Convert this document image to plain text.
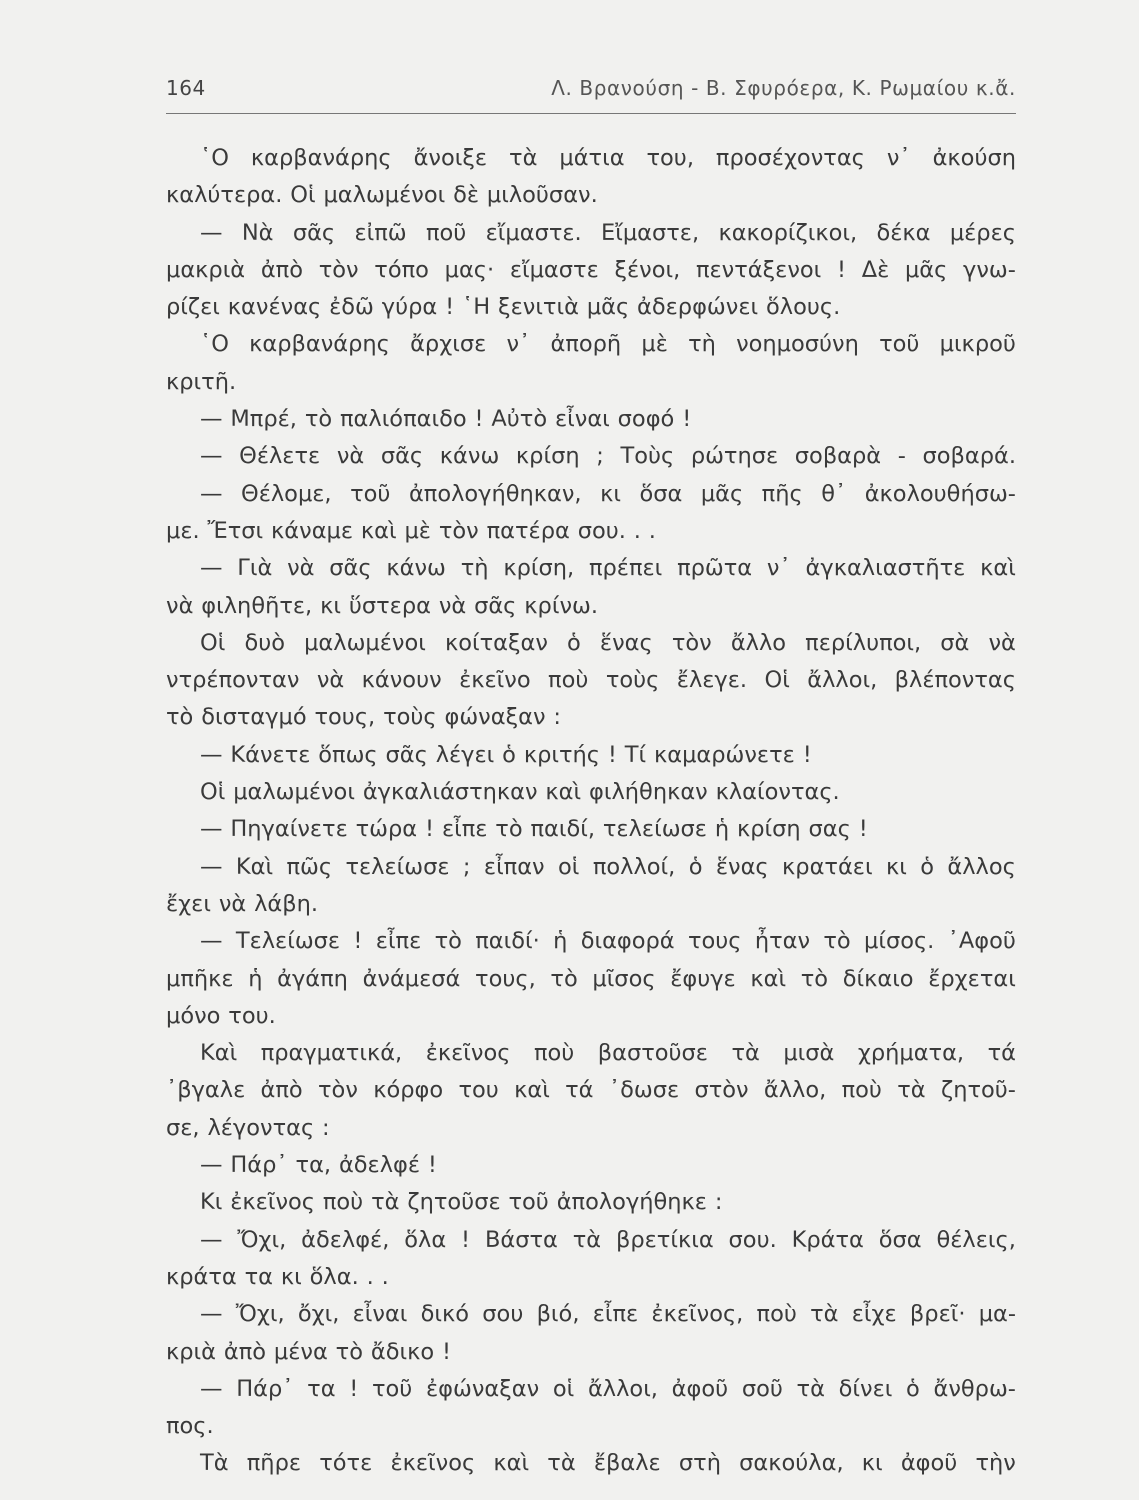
164	Λ. Βρανούση - Β. Σφυρόερα, Κ. Ρωμαίου κ.ἄ.
῾Ο καρβανάρης ἄνοιξε τὰ μάτια του, προσέχοντας ν᾽ ἀκούση
καλύτερα. Οἱ μαλωμένοι δὲ μιλοῦσαν.
— Νὰ σᾶς εἰπῶ ποῦ εἴμαστε. Εἴμαστε, κακορίζικοι, δέκα μέρες
μακριὰ ἀπὸ τὸν τόπο μας· εἴμαστε ξένοι, πεντάξενοι ! Δὲ μᾶς γνω-
ρίζει κανένας ἐδῶ γύρα ! ῾Η ξενιτιὰ μᾶς ἀδερφώνει ὅλους.
῾Ο καρβανάρης ἄρχισε ν᾽ ἀπορῆ μὲ τὴ νοημοσύνη τοῦ μικροῦ
κριτῆ.
— Μπρέ, τὸ παλιόπαιδο ! Αὐτὸ εἶναι σοφό !
— Θέλετε νὰ σᾶς κάνω κρίση ; Τοὺς ρώτησε σοβαρὰ - σοβαρά.
— Θέλομε, τοῦ ἀπολογήθηκαν, κι ὅσα μᾶς πῆς θ᾽ ἀκολουθήσω-
με. Ἔτσι κάναμε καὶ μὲ τὸν πατέρα σου. . .
— Γιὰ νὰ σᾶς κάνω τὴ κρίση, πρέπει πρῶτα ν᾽ ἀγκαλιαστῆτε καὶ
νὰ φιληθῆτε, κι ὕστερα νὰ σᾶς κρίνω.
Οἱ δυὸ μαλωμένοι κοίταξαν ὁ ἕνας τὸν ἄλλο περίλυποι, σὰ νὰ
ντρέπονταν νὰ κάνουν ἐκεῖνο ποὺ τοὺς ἔλεγε. Οἱ ἄλλοι, βλέποντας
τὸ δισταγμό τους, τοὺς φώναξαν :
— Κάνετε ὅπως σᾶς λέγει ὁ κριτής ! Τί καμαρώνετε !
Οἱ μαλωμένοι ἀγκαλιάστηκαν καὶ φιλήθηκαν κλαίοντας.
— Πηγαίνετε τώρα ! εἶπε τὸ παιδί, τελείωσε ἡ κρίση σας !
— Καὶ πῶς τελείωσε ; εἶπαν οἱ πολλοί, ὁ ἕνας κρατάει κι ὁ ἄλλος
ἔχει νὰ λάβη.
— Τελείωσε ! εἶπε τὸ παιδί· ἡ διαφορά τους ἦταν τὸ μίσος. ᾽Αφοῦ
μπῆκε ἡ ἀγάπη ἀνάμεσά τους, τὸ μῖσος ἔφυγε καὶ τὸ δίκαιο ἔρχεται
μόνο του.
Καὶ πραγματικά, ἐκεῖνος ποὺ βαστοῦσε τὰ μισὰ χρήματα, τά
᾽βγαλε ἀπὸ τὸν κόρφο του καὶ τά ᾽δωσε στὸν ἄλλο, ποὺ τὰ ζητοῦ-
σε, λέγοντας :
— Πάρ᾽ τα, ἀδελφέ !
Κι ἐκεῖνος ποὺ τὰ ζητοῦσε τοῦ ἀπολογήθηκε :
— Ὄχι, ἀδελφέ, ὅλα ! Βάστα τὰ βρετίκια σου. Κράτα ὅσα θέλεις,
κράτα τα κι ὅλα. . .
— Ὄχι, ὄχι, εἶναι δικό σου βιό, εἶπε ἐκεῖνος, ποὺ τὰ εἶχε βρεῖ· μα-
κριὰ ἀπὸ μένα τὸ ἄδικο !
— Πάρ᾽ τα ! τοῦ ἐφώναξαν οἱ ἄλλοι, ἀφοῦ σοῦ τὰ δίνει ὁ ἄνθρω-
πος.
Τὰ πῆρε τότε ἐκεῖνος καὶ τὰ ἔβαλε στὴ σακούλα, κι ἀφοῦ τὴν
